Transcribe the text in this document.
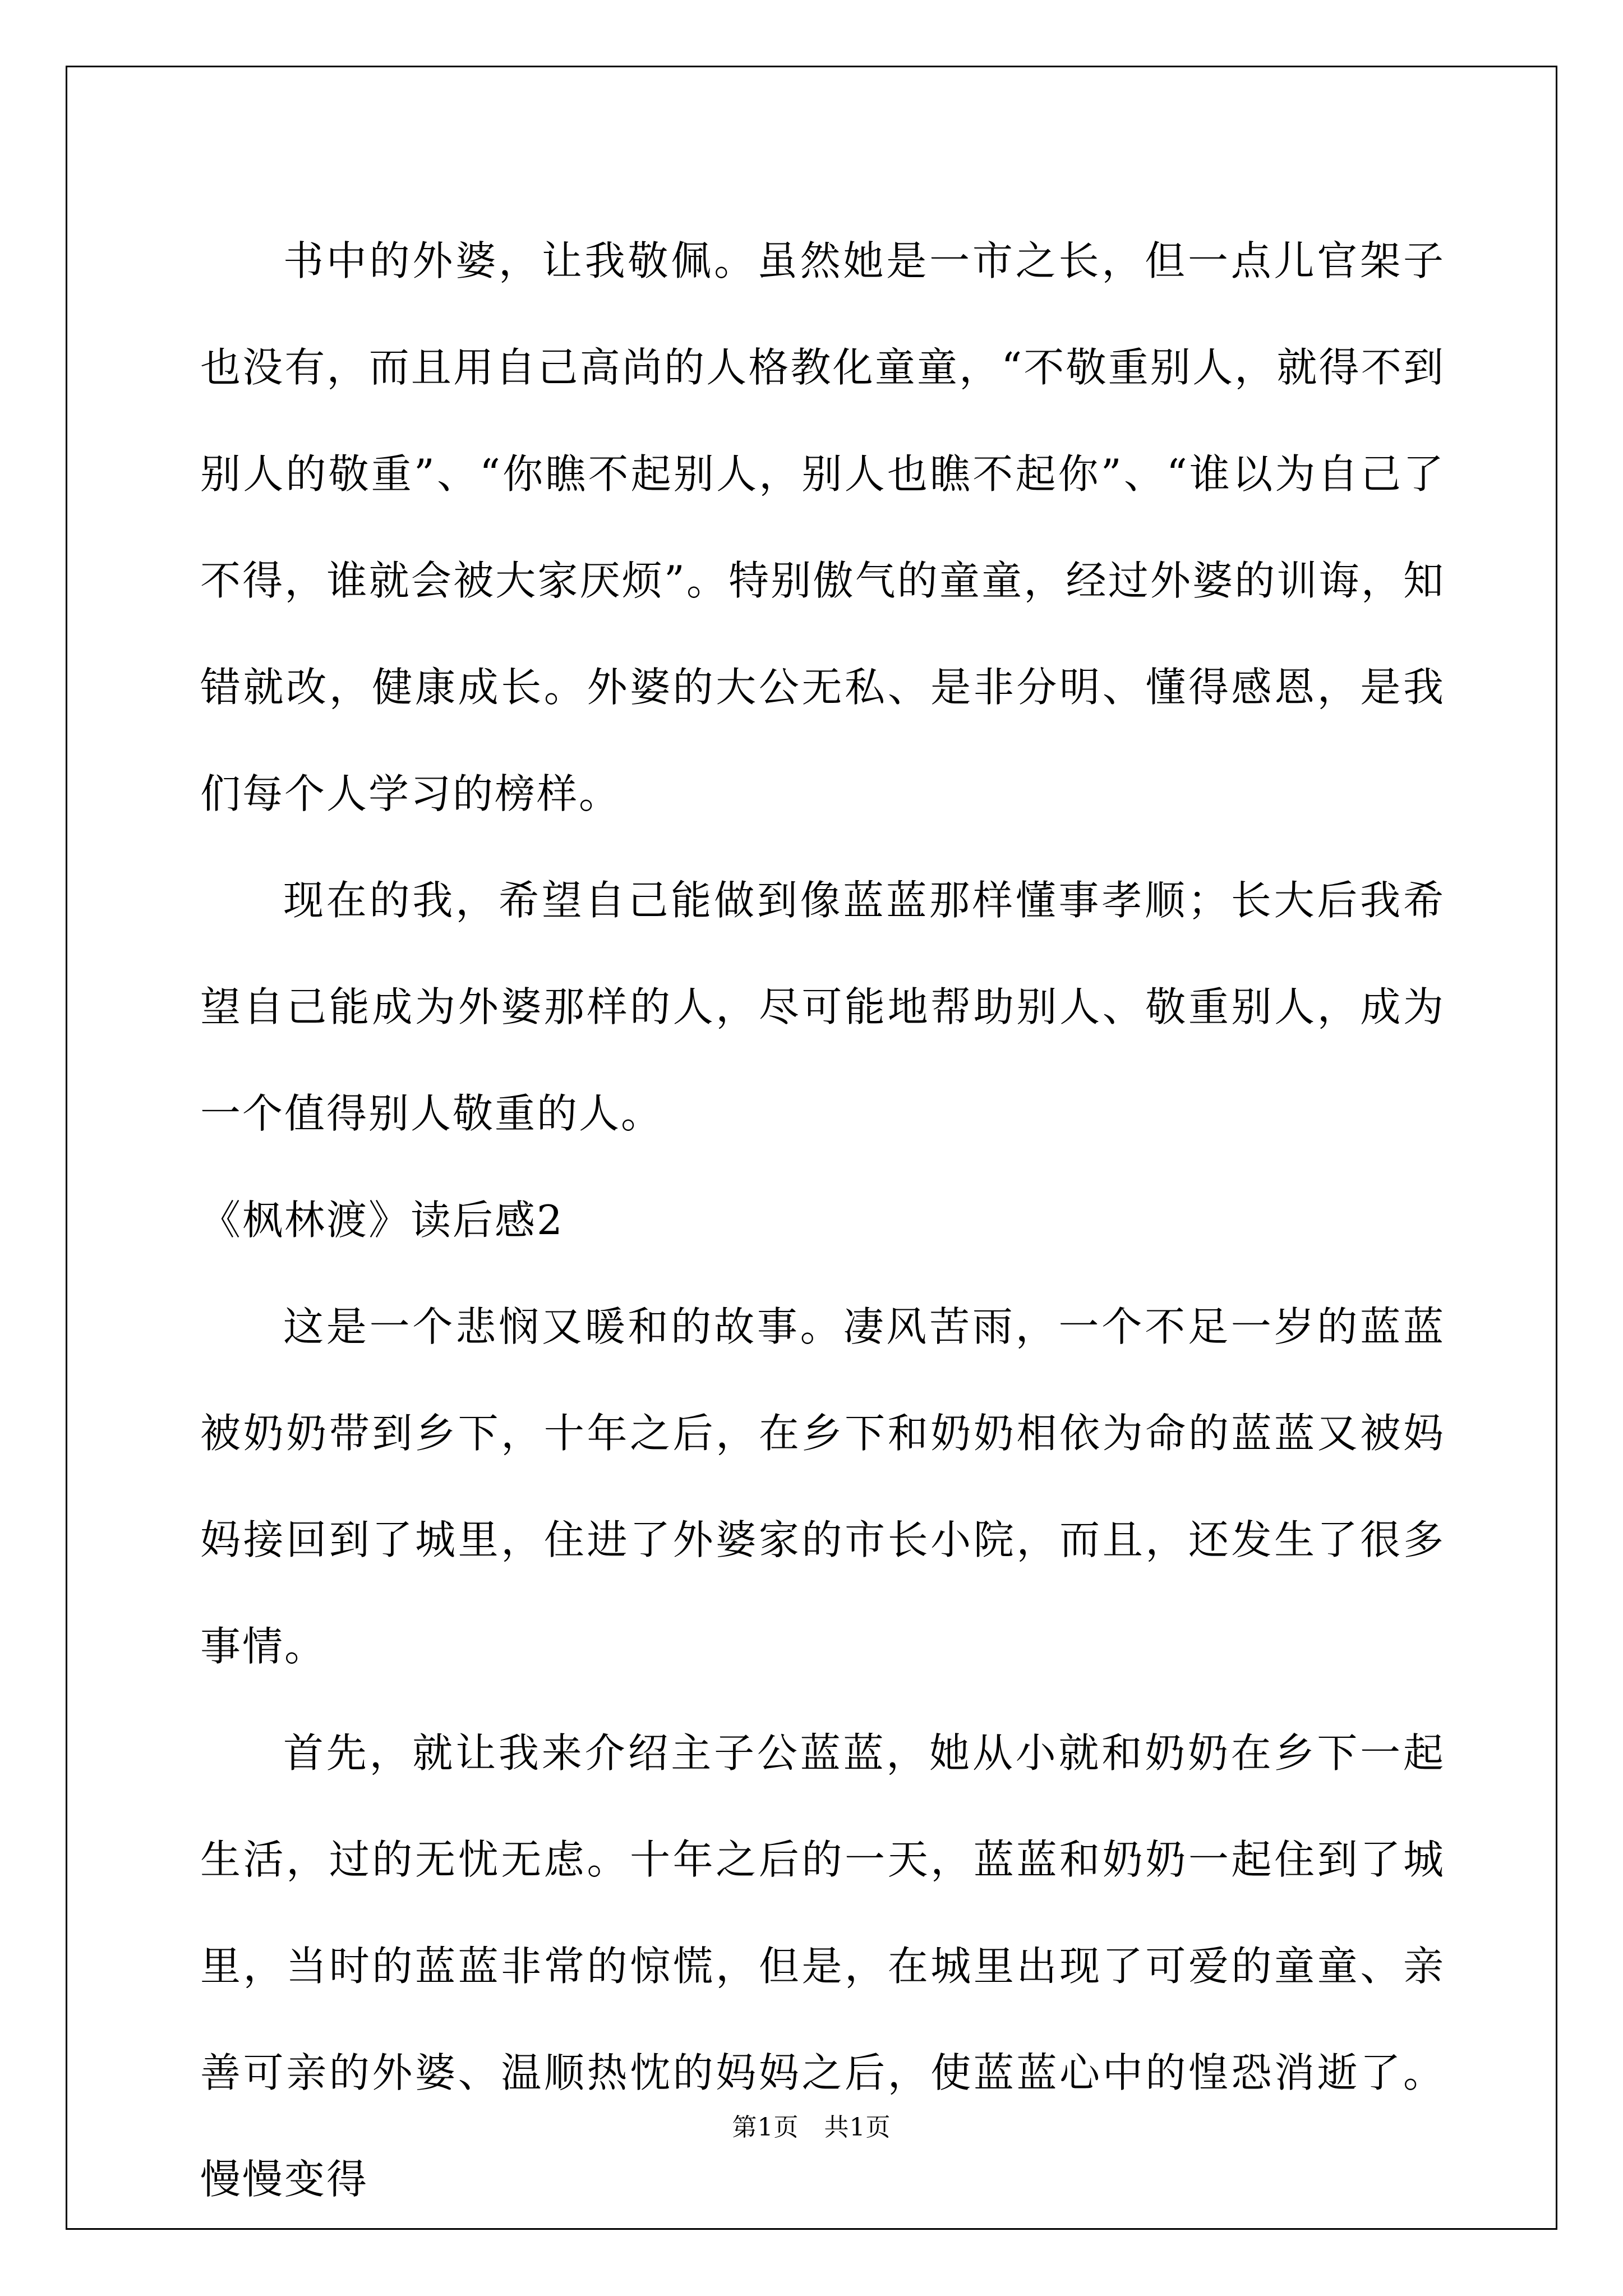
书中的外婆，让我敬佩。虽然她是一市之长，但一点儿官架子也没有，而且用自己高尚的人格教化童童，“不敬重别人，就得不到别人的敬重”、“你瞧不起别人，别人也瞧不起你”、“谁以为自己了不得，谁就会被大家厌烦”。特别傲气的童童，经过外婆的训诲，知错就改，健康成长。外婆的大公无私、是非分明、懂得感恩，是我们每个人学习的榜样。

现在的我，希望自己能做到像蓝蓝那样懂事孝顺；长大后我希望自己能成为外婆那样的人，尽可能地帮助别人、敬重别人，成为一个值得别人敬重的人。

《枫林渡》读后感2

这是一个悲悯又暖和的故事。凄风苦雨，一个不足一岁的蓝蓝被奶奶带到乡下，十年之后，在乡下和奶奶相依为命的蓝蓝又被妈妈接回到了城里，住进了外婆家的市长小院，而且，还发生了很多事情。

首先，就让我来介绍主子公蓝蓝，她从小就和奶奶在乡下一起生活，过的无忧无虑。十年之后的一天，蓝蓝和奶奶一起住到了城里，当时的蓝蓝非常的惊慌，但是，在城里出现了可爱的童童、亲善可亲的外婆、温顺热忱的妈妈之后，使蓝蓝心中的惶恐消逝了。慢慢变得

第1页   共1页
